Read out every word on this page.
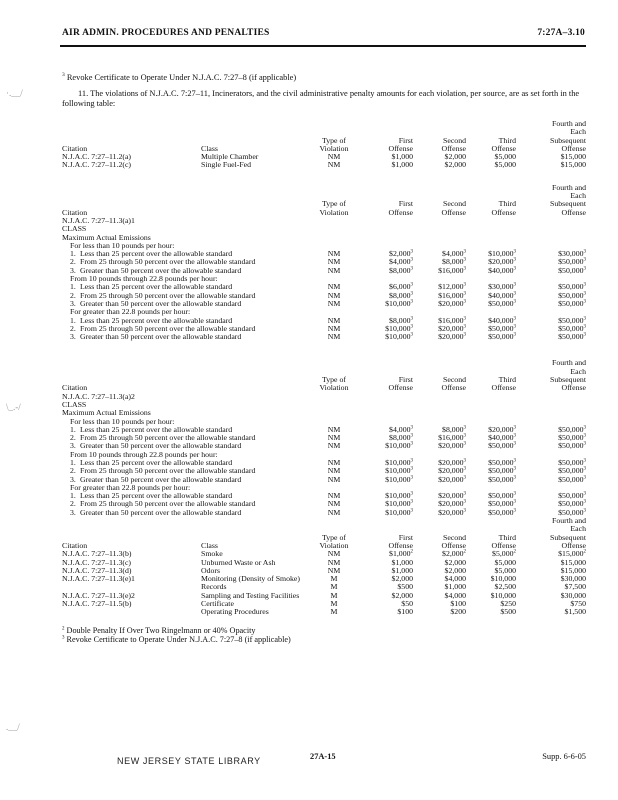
AIR ADMIN. PROCEDURES AND PENALTIES	7:27A–3.10
$^3$ Revoke Certificate to Operate Under N.J.A.C. 7:27–8 (if applicable)
11. The violations of N.J.A.C. 7:27–11, Incinerators, and the civil administrative penalty amounts for each violation, per source, are as set forth in the following table:
·.__/
\_.-/
.__/
Fourth and
Each
Type of	First	Second	Third	Subsequent
Violation	Offense	Offense	Offense	Offense
Citation	Class
N.J.A.C. 7:27–11.2(a)	Multiple Chamber	NM	$1,000	$2,000	$5,000	$15,000
N.J.A.C. 7:27–11.2(c)	Single Fuel-Fed	NM	$1,000	$2,000	$5,000	$15,000
Fourth and
Each
Type of	First	Second	Third	Subsequent
Violation	Offense	Offense	Offense	Offense
Citation
N.J.A.C. 7:27–11.3(a)1
CLASS
Maximum Actual Emissions
For less than 10 pounds per hour:
1. Less than 25 percent over the allowable standard	NM	$2,000$^3$	$4,000$^3$	$10,000$^3$	$30,000$^3$
2. From 25 through 50 percent over the allowable standard	NM	$4,000$^3$	$8,000$^3$	$20,000$^3$	$50,000$^3$
3. Greater than 50 percent over the allowable standard	NM	$8,000$^3$	$16,000$^3$	$40,000$^3$	$50,000$^3$
From 10 pounds through 22.8 pounds per hour:
1. Less than 25 percent over the allowable standard	NM	$6,000$^3$	$12,000$^3$	$30,000$^3$	$50,000$^3$
2. From 25 through 50 percent over the allowable standard	NM	$8,000$^3$	$16,000$^3$	$40,000$^3$	$50,000$^3$
3. Greater than 50 percent over the allowable standard	NM	$10,000$^3$	$20,000$^3$	$50,000$^3$	$50,000$^3$
For greater than 22.8 pounds per hour:
1. Less than 25 percent over the allowable standard	NM	$8,000$^3$	$16,000$^3$	$40,000$^3$	$50,000$^3$
2. From 25 through 50 percent over the allowable standard	NM	$10,000$^3$	$20,000$^3$	$50,000$^3$	$50,000$^3$
3. Greater than 50 percent over the allowable standard	NM	$10,000$^3$	$20,000$^3$	$50,000$^3$	$50,000$^3$
Fourth and
Each
Type of	First	Second	Third	Subsequent
Violation	Offense	Offense	Offense	Offense
Citation
N.J.A.C. 7:27–11.3(a)2
CLASS
Maximum Actual Emissions
For less than 10 pounds per hour:
1. Less than 25 percent over the allowable standard	NM	$4,000$^3$	$8,000$^3$	$20,000$^3$	$50,000$^3$
2. From 25 through 50 percent over the allowable standard	NM	$8,000$^3$	$16,000$^3$	$40,000$^3$	$50,000$^3$
3. Greater than 50 percent over the allowable standard	NM	$10,000$^3$	$20,000$^3$	$50,000$^3$	$50,000$^3$
From 10 pounds through 22.8 pounds per hour:
1. Less than 25 percent over the allowable standard	NM	$10,000$^3$	$20,000$^3$	$50,000$^3$	$50,000$^3$
2. From 25 through 50 percent over the allowable standard	NM	$10,000$^3$	$20,000$^3$	$50,000$^3$	$50,000$^3$
3. Greater than 50 percent over the allowable standard	NM	$10,000$^3$	$20,000$^3$	$50,000$^3$	$50,000$^3$
For greater than 22.8 pounds per hour:
1. Less than 25 percent over the allowable standard	NM	$10,000$^3$	$20,000$^3$	$50,000$^3$	$50,000$^3$
2. From 25 through 50 percent over the allowable standard	NM	$10,000$^3$	$20,000$^3$	$50,000$^3$	$50,000$^3$
3. Greater than 50 percent over the allowable standard	NM	$10,000$^3$	$20,000$^3$	$50,000$^3$	$50,000$^3$
Fourth and
Each
Type of	First	Second	Third	Subsequent
Violation	Offense	Offense	Offense	Offense
Citation	Class
N.J.A.C. 7:27–11.3(b)	Smoke	NM	$1,000$^2$	$2,000$^2$	$5,000$^2$	$15,000$^2$
N.J.A.C. 7:27–11.3(c)	Unburned Waste or Ash	NM	$1,000	$2,000	$5,000	$15,000
N.J.A.C. 7:27–11.3(d)	Odors	NM	$1,000	$2,000	$5,000	$15,000
N.J.A.C. 7:27–11.3(e)1	Monitoring (Density of Smoke)	M	$2,000	$4,000	$10,000	$30,000
Records	M	$500	$1,000	$2,500	$7,500
N.J.A.C. 7:27–11.3(e)2	Sampling and Testing Facilities	M	$2,000	$4,000	$10,000	$30,000
N.J.A.C. 7:27–11.5(b)	Certificate	M	$50	$100	$250	$750
Operating Procedures	M	$100	$200	$500	$1,500
$^2$ Double Penalty If Over Two Ringelmann or 40% Opacity
$^3$ Revoke Certificate to Operate Under N.J.A.C. 7:27–8 (if applicable)
NEW JERSEY STATE LIBRARY	27A-15	Supp. 6-6-05
